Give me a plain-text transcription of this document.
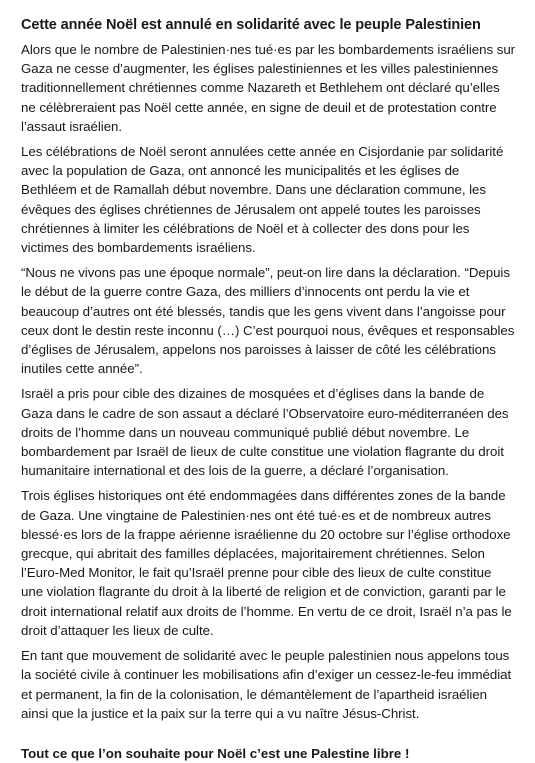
Cette année Noël est annulé en solidarité avec le peuple Palestinien

Alors que le nombre de Palestinien·nes tué·es par les bombardements israéliens sur Gaza ne cesse d’augmenter, les églises palestiniennes et les villes palestiniennes traditionnellement chrétiennes comme Nazareth et Bethlehem ont déclaré qu’elles ne célèbreraient pas Noël cette année, en signe de deuil et de protestation contre l’assaut israélien.

Les célébrations de Noël seront annulées cette année en Cisjordanie par solidarité avec la population de Gaza, ont annoncé les municipalités et les églises de Bethléem et de Ramallah début novembre. Dans une déclaration commune, les évêques des églises chrétiennes de Jérusalem ont appelé toutes les paroisses chrétiennes à limiter les célébrations de Noël et à collecter des dons pour les victimes des bombardements israéliens.

“Nous ne vivons pas une époque normale”, peut-on lire dans la déclaration. “Depuis le début de la guerre contre Gaza, des milliers d’innocents ont perdu la vie et beaucoup d’autres ont été blessés, tandis que les gens vivent dans l’angoisse pour ceux dont le destin reste inconnu (…) C’est pourquoi nous, évêques et responsables d’églises de Jérusalem, appelons nos paroisses à laisser de côté les célébrations inutiles cette année”.

Israël a pris pour cible des dizaines de mosquées et d’églises dans la bande de Gaza dans le cadre de son assaut a déclaré l’Observatoire euro-méditerranéen des droits de l’homme dans un nouveau communiqué publié début novembre. Le bombardement par Israël de lieux de culte constitue une violation flagrante du droit humanitaire international et des lois de la guerre, a déclaré l’organisation.

Trois églises historiques ont été endommagées dans différentes zones de la bande de Gaza. Une vingtaine de Palestinien·nes ont été tué·es et de nombreux autres blessé·es lors de la frappe aérienne israélienne du 20 octobre sur l’église orthodoxe grecque, qui abritait des familles déplacées, majoritairement chrétiennes. Selon l’Euro-Med Monitor, le fait qu’Israël prenne pour cible des lieux de culte constitue une violation flagrante du droit à la liberté de religion et de conviction, garanti par le droit international relatif aux droits de l’homme. En vertu de ce droit, Israël n’a pas le droit d’attaquer les lieux de culte.

En tant que mouvement de solidarité avec le peuple palestinien nous appelons tous la société civile à continuer les mobilisations afin d’exiger un cessez-le-feu immédiat et permanent, la fin de la colonisation, le démantèlement de l’apartheid israélien ainsi que la justice et la paix sur la terre qui a vu naître Jésus-Christ.

Tout ce que l’on souhaite pour Noël c’est une Palestine libre !
